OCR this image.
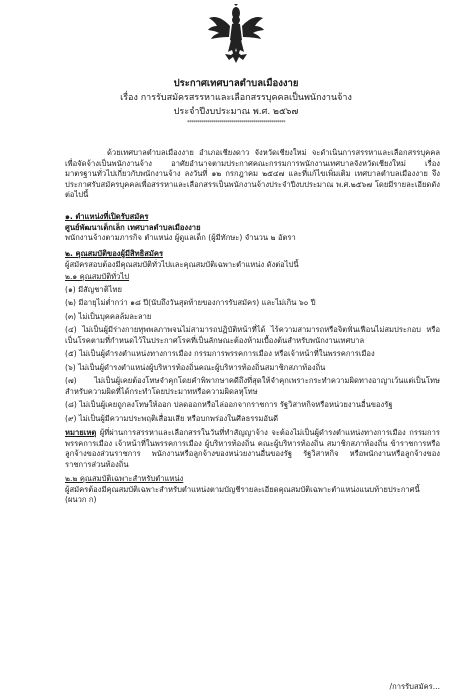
ประกาศเทศบาลตำบลเมืองงาย
เรื่อง การรับสมัครสรรหาและเลือกสรรบุคคลเป็นพนักงานจ้าง
ประจำปีงบประมาณ พ.ศ. ๒๕๖๗
*************************************************

ด้วยเทศบาลตำบลเมืองงาย อำเภอเชียงดาว จังหวัดเชียงใหม่ จะดำเนินการสรรหาและเลือกสรรบุคคลเพื่อจัดจ้างเป็นพนักงานจ้าง อาศัยอำนาจตามประกาศคณะกรรมการพนักงานเทศบาลจังหวัดเชียงใหม่ เรื่อง มาตรฐานทั่วไปเกี่ยวกับพนักงานจ้าง ลงวันที่ ๑๒ กรกฎาคม ๒๕๔๗ และที่แก้ไขเพิ่มเติม เทศบาลตำบลเมืองงาย จึงประกาศรับสมัครบุคคลเพื่อสรรหาและเลือกสรรเป็นพนักงานจ้างประจำปีงบประมาณ พ.ศ.๒๕๖๗ โดยมีรายละเอียดดังต่อไปนี้

๑. ตำแหน่งที่เปิดรับสมัคร

ศูนย์พัฒนาเด็กเล็ก เทศบาลตำบลเมืองงาย

พนักงานจ้างตามภารกิจ ตำแหน่ง ผู้ดูแลเด็ก (ผู้มีทักษะ) จำนวน ๒ อัตรา

๒. คุณสมบัติของผู้มีสิทธิสมัคร

ผู้สมัครสอบต้องมีคุณสมบัติทั่วไปและคุณสมบัติเฉพาะตำแหน่ง ดังต่อไปนี้

๒.๑ คุณสมบัติทั่วไป

(๑) มีสัญชาติไทย

(๒) มีอายุไม่ต่ำกว่า ๑๘ ปี(นับถึงวันสุดท้ายของการรับสมัคร) และไม่เกิน ๖๐ ปี

(๓) ไม่เป็นบุคคลล้มละลาย

(๔) ไม่เป็นผู้มีร่างกายทุพพลภาพจนไม่สามารถปฏิบัติหน้าที่ได้ ไร้ความสามารถหรือจิตฟั่นเฟือนไม่สมประกอบ หรือเป็นโรคตามที่กำหนดไว้ในประกาศโรคที่เป็นลักษณะต้องห้ามเบื้องต้นสำหรับพนักงานเทศบาล

(๕) ไม่เป็นผู้ดำรงตำแหน่งทางการเมือง กรรมการพรรคการเมือง หรือเจ้าหน้าที่ในพรรคการเมือง

(๖) ไม่เป็นผู้ดำรงตำแหน่งผู้บริหารท้องถิ่นคณะผู้บริหารท้องถิ่นสมาชิกสภาท้องถิ่น

(๗) ไม่เป็นผู้เคยต้องโทษจำคุกโดยคำพิพากษาคดีถึงที่สุดให้จำคุกเพราะกระทำความผิดทางอาญาเว้นแต่เป็นโทษสำหรับความผิดที่ได้กระทำโดยประมาทหรือความผิดลหุโทษ

(๘) ไม่เป็นผู้เคยถูกลงโทษให้ออก ปลดออกหรือไล่ออกจากราชการ รัฐวิสาหกิจหรือหน่วยงานอื่นของรัฐ

(๙) ไม่เป็นผู้มีความประพฤติเสื่อมเสีย หรือบกพร่องในศีลธรรมอันดี

หมายเหตุ ผู้ที่ผ่านการสรรหาและเลือกสรรในวันที่ทำสัญญาจ้าง จะต้องไม่เป็นผู้ดำรงตำแหน่งทางการเมือง กรรมการพรรคการเมือง เจ้าหน้าที่ในพรรคการเมือง ผู้บริหารท้องถิ่น คณะผู้บริหารท้องถิ่น สมาชิกสภาท้องถิ่น ข้าราชการหรือลูกจ้างของส่วนราชการ พนักงานหรือลูกจ้างของหน่วยงานอื่นของรัฐ รัฐวิสาหกิจ หรือพนักงานหรือลูกจ้างของราชการส่วนท้องถิ่น

๒.๒ คุณสมบัติเฉพาะสำหรับตำแหน่ง

ผู้สมัครต้องมีคุณสมบัติเฉพาะสำหรับตำแหน่งตามบัญชีรายละเอียดคุณสมบัติเฉพาะตำแหน่งแนบท้ายประกาศนี้ (ผนวก ก)

/การรับสมัคร...
